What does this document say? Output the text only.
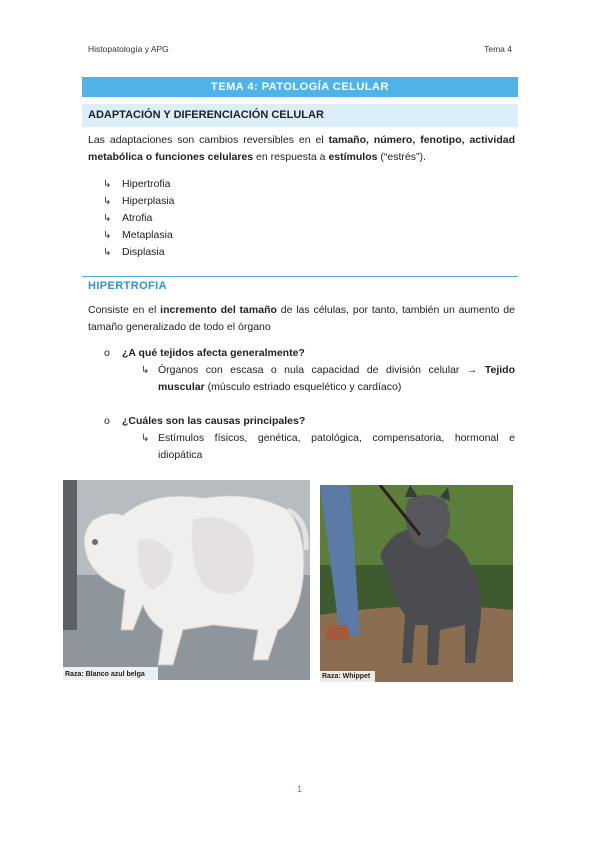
Histopatología y APG	Tema 4
TEMA 4: PATOLOGÍA CELULAR
ADAPTACIÓN Y DIFERENCIACIÓN CELULAR
Las adaptaciones son cambios reversibles en el tamaño, número, fenotipo, actividad metabólica o funciones celulares en respuesta a estímulos (“estrés”).
↳	Hipertrofia
↳	Hiperplasia
↳	Atrofia
↳	Metaplasia
↳	Displasia
HIPERTROFIA
Consiste en el incremento del tamaño de las células, por tanto, también un aumento de tamaño generalizado de todo el órgano
o ¿A qué tejidos afecta generalmente?
↳ Órganos con escasa o nula capacidad de división celular → Tejido muscular (músculo estriado esquelético y cardíaco)
o ¿Cuáles son las causas principales?
↳ Estímulos físicos, genética, patológica, compensatoria, hormonal e idiopática
Raza: Blanco azul belga	Raza: Whippet
1
